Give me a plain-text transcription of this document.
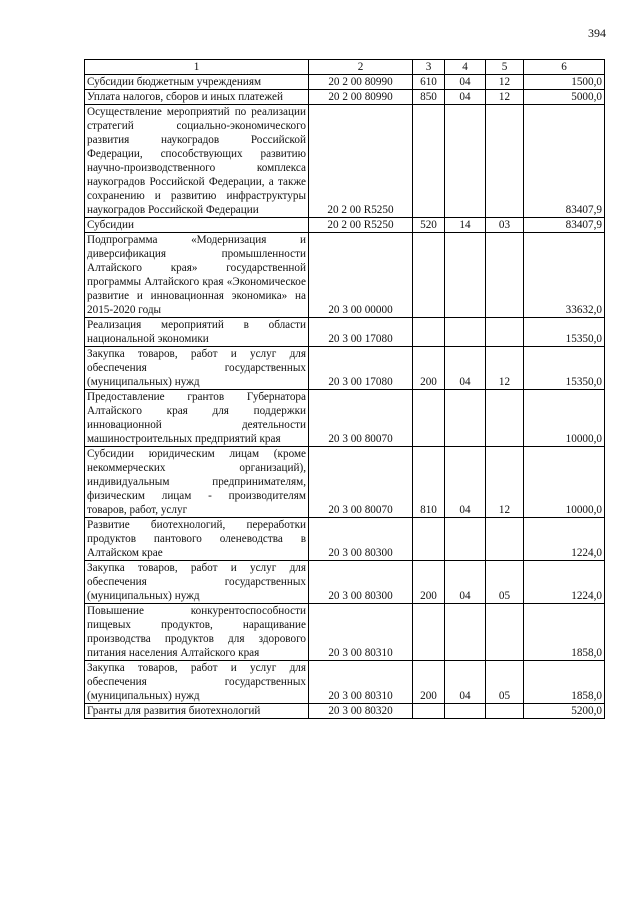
394
1	2	3	4	5	6
Субсидии бюджетным учреждениям	20 2 00 80990	610	04	12	1500,0
Уплата налогов, сборов и иных платежей	20 2 00 80990	850	04	12	5000,0
Осуществление мероприятий по реализации стратегий социально-экономического развития наукоградов Российской Федерации, способствующих развитию научно-производственного комплекса наукоградов Российской Федерации, а также сохранению и развитию инфраструктуры наукоградов Российской Федерации	20 2 00 R5250				83407,9
Субсидии	20 2 00 R5250	520	14	03	83407,9
Подпрограмма «Модернизация и диверсификация промышленности Алтайского края» государственной программы Алтайского края «Экономическое развитие и инновационная экономика» на 2015-2020 годы	20 3 00 00000				33632,0
Реализация мероприятий в области национальной экономики	20 3 00 17080				15350,0
Закупка товаров, работ и услуг для обеспечения государственных (муниципальных) нужд	20 3 00 17080	200	04	12	15350,0
Предоставление грантов Губернатора Алтайского края для поддержки инновационной деятельности машиностроительных предприятий края	20 3 00 80070				10000,0
Субсидии юридическим лицам (кроме некоммерческих организаций), индивидуальным предпринимателям, физическим лицам - производителям товаров, работ, услуг	20 3 00 80070	810	04	12	10000,0
Развитие биотехнологий, переработки продуктов пантового оленеводства в Алтайском крае	20 3 00 80300				1224,0
Закупка товаров, работ и услуг для обеспечения государственных (муниципальных) нужд	20 3 00 80300	200	04	05	1224,0
Повышение конкурентоспособности пищевых продуктов, наращивание производства продуктов для здорового питания населения Алтайского края	20 3 00 80310				1858,0
Закупка товаров, работ и услуг для обеспечения государственных (муниципальных) нужд	20 3 00 80310	200	04	05	1858,0
Гранты для развития биотехнологий	20 3 00 80320				5200,0
